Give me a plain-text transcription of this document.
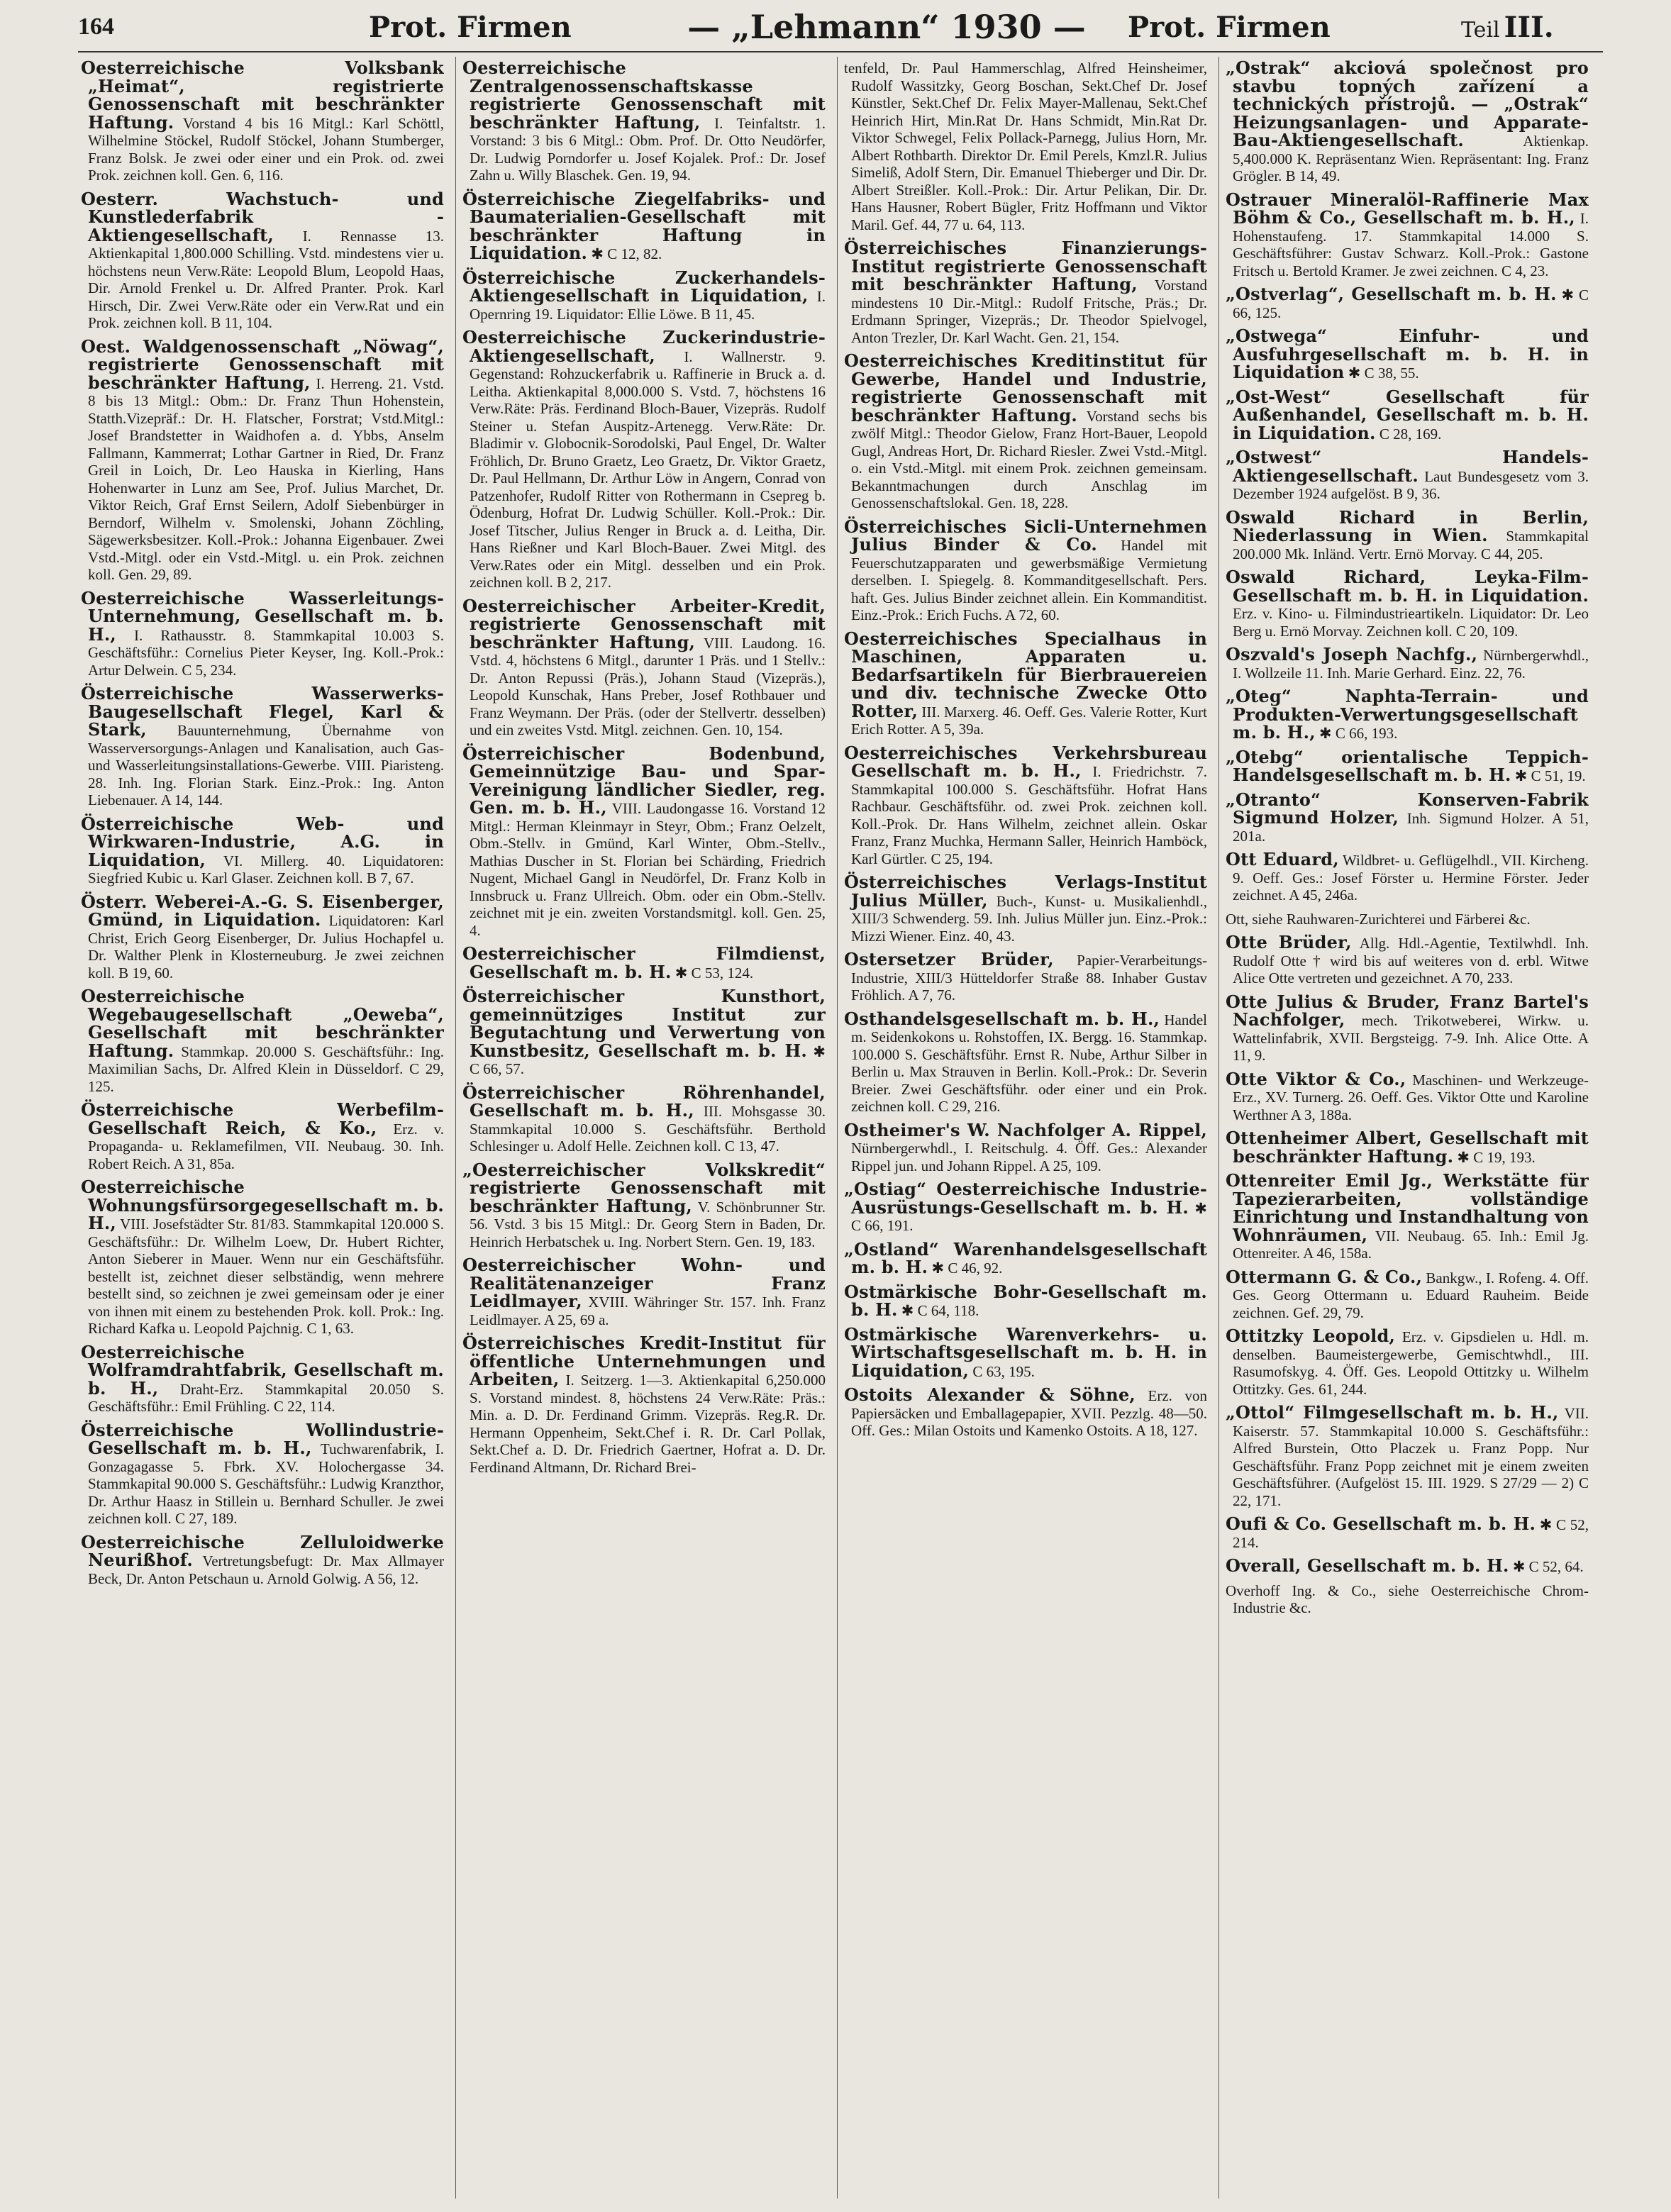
164	Prot. Firmen	— „Lehmann“ 1930 —	Prot. Firmen	Teil III.

Oesterreichische Volksbank „Heimat“, registrierte Genossenschaft mit beschränkter Haftung. Vorstand 4 bis 16 Mitgl.: Karl Schöttl, Wilhelmine Stöckel, Rudolf Stöckel, Johann Stumberger, Franz Bolsk. Je zwei oder einer und ein Prok. od. zwei Prok. zeichnen koll. Gen. 6, 116.

Oesterr. Wachstuch- und Kunstlederfabrik - Aktiengesellschaft, I. Rennasse 13. Aktienkapital 1,800.000 Schilling. Vstd. mindestens vier u. höchstens neun Verw.Räte: Leopold Blum, Leopold Haas, Dir. Arnold Frenkel u. Dr. Alfred Pranter. Prok. Karl Hirsch, Dir. Zwei Verw.Räte oder ein Verw.Rat und ein Prok. zeichnen koll. B 11, 104.

Oest. Waldgenossenschaft „Nöwag“, registrierte Genossenschaft mit beschränkter Haftung, I. Herreng. 21. Vstd. 8 bis 13 Mitgl.: Obm.: Dr. Franz Thun Hohenstein, Statth.Vizepräf.: Dr. H. Flatscher, Forstrat; Vstd.Mitgl.: Josef Brandstetter in Waidhofen a. d. Ybbs, Anselm Fallmann, Kammerrat; Lothar Gartner in Ried, Dr. Franz Greil in Loich, Dr. Leo Hauska in Kierling, Hans Hohenwarter in Lunz am See, Prof. Julius Marchet, Dr. Viktor Reich, Graf Ernst Seilern, Adolf Siebenbürger in Berndorf, Wilhelm v. Smolenski, Johann Zöchling, Sägewerksbesitzer. Koll.-Prok.: Johanna Eigenbauer. Zwei Vstd.-Mitgl. oder ein Vstd.-Mitgl. u. ein Prok. zeichnen koll. Gen. 29, 89.

Oesterreichische Wasserleitungs-Unternehmung, Gesellschaft m. b. H., I. Rathausstr. 8. Stammkapital 10.003 S. Geschäftsführ.: Cornelius Pieter Keyser, Ing. Koll.-Prok.: Artur Delwein. C 5, 234.

Österreichische Wasserwerks-Baugesellschaft Flegel, Karl & Stark, Bauunternehmung, Übernahme von Wasserversorgungs-Anlagen und Kanalisation, auch Gas- und Wasserleitungsinstallations-Gewerbe. VIII. Piaristeng. 28. Inh. Ing. Florian Stark. Einz.-Prok.: Ing. Anton Liebenauer. A 14, 144.

Österreichische Web- und Wirkwaren-Industrie, A.G. in Liquidation, VI. Millerg. 40. Liquidatoren: Siegfried Kubic u. Karl Glaser. Zeichnen koll. B 7, 67.

Österr. Weberei-A.-G. S. Eisenberger, Gmünd, in Liquidation. Liquidatoren: Karl Christ, Erich Georg Eisenberger, Dr. Julius Hochapfel u. Dr. Walther Plenk in Klosterneuburg. Je zwei zeichnen koll. B 19, 60.

Oesterreichische Wegebaugesellschaft „Oeweba“, Gesellschaft mit beschränkter Haftung. Stammkap. 20.000 S. Geschäftsführ.: Ing. Maximilian Sachs, Dr. Alfred Klein in Düsseldorf. C 29, 125.

Österreichische Werbefilm-Gesellschaft Reich, & Ko., Erz. v. Propaganda- u. Reklamefilmen, VII. Neubaug. 30. Inh. Robert Reich. A 31, 85a.

Oesterreichische Wohnungsfürsorgegesellschaft m. b. H., VIII. Josefstädter Str. 81/83. Stammkapital 120.000 S. Geschäftsführ.: Dr. Wilhelm Loew, Dr. Hubert Richter, Anton Sieberer in Mauer. Wenn nur ein Geschäftsführ. bestellt ist, zeichnet dieser selbständig, wenn mehrere bestellt sind, so zeichnen je zwei gemeinsam oder je einer von ihnen mit einem zu bestehenden Prok. koll. Prok.: Ing. Richard Kafka u. Leopold Pajchnig. C 1, 63.

Oesterreichische Wolframdrahtfabrik, Gesellschaft m. b. H., Draht-Erz. Stammkapital 20.050 S. Geschäftsführ.: Emil Frühling. C 22, 114.

Österreichische Wollindustrie-Gesellschaft m. b. H., Tuchwarenfabrik, I. Gonzagagasse 5. Fbrk. XV. Holochergasse 34. Stammkapital 90.000 S. Geschäftsführ.: Ludwig Kranzthor, Dr. Arthur Haasz in Stillein u. Bernhard Schuller. Je zwei zeichnen koll. C 27, 189.

Oesterreichische Zelluloidwerke Neurißhof. Vertretungsbefugt: Dr. Max Allmayer Beck, Dr. Anton Petschaun u. Arnold Golwig. A 56, 12.

Oesterreichische Zentralgenossenschaftskasse registrierte Genossenschaft mit beschränkter Haftung, I. Teinfaltstr. 1. Vorstand: 3 bis 6 Mitgl.: Obm. Prof. Dr. Otto Neudörfer, Dr. Ludwig Porndorfer u. Josef Kojalek. Prof.: Dr. Josef Zahn u. Willy Blaschek. Gen. 19, 94.

Österreichische Ziegelfabriks- und Baumaterialien-Gesellschaft mit beschränkter Haftung in Liquidation. ✱ C 12, 82.

Österreichische Zuckerhandels-Aktiengesellschaft in Liquidation, I. Opernring 19. Liquidator: Ellie Löwe. B 11, 45.

Oesterreichische Zuckerindustrie-Aktiengesellschaft, I. Wallnerstr. 9. Gegenstand: Rohzuckerfabrik u. Raffinerie in Bruck a. d. Leitha. Aktienkapital 8,000.000 S. Vstd. 7, höchstens 16 Verw.Räte: Präs. Ferdinand Bloch-Bauer, Vizepräs. Rudolf Steiner u. Stefan Auspitz-Artenegg. Verw.Räte: Dr. Bladimir v. Globocnik-Sorodolski, Paul Engel, Dr. Walter Fröhlich, Dr. Bruno Graetz, Leo Graetz, Dr. Viktor Graetz, Dr. Paul Hellmann, Dr. Arthur Löw in Angern, Conrad von Patzenhofer, Rudolf Ritter von Rothermann in Csepreg b. Ödenburg, Hofrat Dr. Ludwig Schüller. Koll.-Prok.: Dir. Josef Titscher, Julius Renger in Bruck a. d. Leitha, Dir. Hans Rießner und Karl Bloch-Bauer. Zwei Mitgl. des Verw.Rates oder ein Mitgl. desselben und ein Prok. zeichnen koll. B 2, 217.

Oesterreichischer Arbeiter-Kredit, registrierte Genossenschaft mit beschränkter Haftung, VIII. Laudong. 16. Vstd. 4, höchstens 6 Mitgl., darunter 1 Präs. und 1 Stellv.: Dr. Anton Repussi (Präs.), Johann Staud (Vizepräs.), Leopold Kunschak, Hans Preber, Josef Rothbauer und Franz Weymann. Der Präs. (oder der Stellvertr. desselben) und ein zweites Vstd. Mitgl. zeichnen. Gen. 10, 154.

Österreichischer Bodenbund, Gemeinnützige Bau- und Spar-Vereinigung ländlicher Siedler, reg. Gen. m. b. H., VIII. Laudongasse 16. Vorstand 12 Mitgl.: Herman Kleinmayr in Steyr, Obm.; Franz Oelzelt, Obm.-Stellv. in Gmünd, Karl Winter, Obm.-Stellv., Mathias Duscher in St. Florian bei Schärding, Friedrich Nugent, Michael Gangl in Neudörfel, Dr. Franz Kolb in Innsbruck u. Franz Ullreich. Obm. oder ein Obm.-Stellv. zeichnet mit je ein. zweiten Vorstandsmitgl. koll. Gen. 25, 4.

Oesterreichischer Filmdienst, Gesellschaft m. b. H. ✱ C 53, 124.

Österreichischer Kunsthort, gemeinnütziges Institut zur Begutachtung und Verwertung von Kunstbesitz, Gesellschaft m. b. H. ✱ C 66, 57.

Österreichischer Röhrenhandel, Gesellschaft m. b. H., III. Mohsgasse 30. Stammkapital 10.000 S. Geschäftsführ. Berthold Schlesinger u. Adolf Helle. Zeichnen koll. C 13, 47.

„Oesterreichischer Volkskredit“ registrierte Genossenschaft mit beschränkter Haftung, V. Schönbrunner Str. 56. Vstd. 3 bis 15 Mitgl.: Dr. Georg Stern in Baden, Dr. Heinrich Herbatschek u. Ing. Norbert Stern. Gen. 19, 183.

Oesterreichischer Wohn- und Realitätenanzeiger Franz Leidlmayer, XVIII. Währinger Str. 157. Inh. Franz Leidlmayer. A 25, 69 a.

Österreichisches Kredit-Institut für öffentliche Unternehmungen und Arbeiten, I. Seitzerg. 1—3. Aktienkapital 6,250.000 S. Vorstand mindest. 8, höchstens 24 Verw.Räte: Präs.: Min. a. D. Dr. Ferdinand Grimm. Vizepräs. Reg.R. Dr. Hermann Oppenheim, Sekt.Chef i. R. Dr. Carl Pollak, Sekt.Chef a. D. Dr. Friedrich Gaertner, Hofrat a. D. Dr. Ferdinand Altmann, Dr. Richard Brei-

tenfeld, Dr. Paul Hammerschlag, Alfred Heinsheimer, Rudolf Wassitzky, Georg Boschan, Sekt.Chef Dr. Josef Künstler, Sekt.Chef Dr. Felix Mayer-Mallenau, Sekt.Chef Heinrich Hirt, Min.Rat Dr. Hans Schmidt, Min.Rat Dr. Viktor Schwegel, Felix Pollack-Parnegg, Julius Horn, Mr. Albert Rothbarth. Direktor Dr. Emil Perels, Kmzl.R. Julius Simeliß, Adolf Stern, Dir. Emanuel Thieberger und Dir. Dr. Albert Streißler. Koll.-Prok.: Dir. Artur Pelikan, Dir. Dr. Hans Hausner, Robert Bügler, Fritz Hoffmann und Viktor Maril. Gef. 44, 77 u. 64, 113.

Österreichisches Finanzierungs-Institut registrierte Genossenschaft mit beschränkter Haftung, Vorstand mindestens 10 Dir.-Mitgl.: Rudolf Fritsche, Präs.; Dr. Erdmann Springer, Vizepräs.; Dr. Theodor Spielvogel, Anton Trezler, Dr. Karl Wacht. Gen. 21, 154.

Oesterreichisches Kreditinstitut für Gewerbe, Handel und Industrie, registrierte Genossenschaft mit beschränkter Haftung. Vorstand sechs bis zwölf Mitgl.: Theodor Gielow, Franz Hort-Bauer, Leopold Gugl, Andreas Hort, Dr. Richard Riesler. Zwei Vstd.-Mitgl. o. ein Vstd.-Mitgl. mit einem Prok. zeichnen gemeinsam. Bekanntmachungen durch Anschlag im Genossenschaftslokal. Gen. 18, 228.

Österreichisches Sicli-Unternehmen Julius Binder & Co. Handel mit Feuerschutzapparaten und gewerbsmäßige Vermietung derselben. I. Spiegelg. 8. Kommanditgesellschaft. Pers. haft. Ges. Julius Binder zeichnet allein. Ein Kommanditist. Einz.-Prok.: Erich Fuchs. A 72, 60.

Oesterreichisches Specialhaus in Maschinen, Apparaten u. Bedarfsartikeln für Bierbrauereien und div. technische Zwecke Otto Rotter, III. Marxerg. 46. Oeff. Ges. Valerie Rotter, Kurt Erich Rotter. A 5, 39a.

Oesterreichisches Verkehrsbureau Gesellschaft m. b. H., I. Friedrichstr. 7. Stammkapital 100.000 S. Geschäftsführ. Hofrat Hans Rachbaur. Geschäftsführ. od. zwei Prok. zeichnen koll. Koll.-Prok. Dr. Hans Wilhelm, zeichnet allein. Oskar Franz, Franz Muchka, Hermann Saller, Heinrich Hamböck, Karl Gürtler. C 25, 194.

Österreichisches Verlags-Institut Julius Müller, Buch-, Kunst- u. Musikalienhdl., XIII/3 Schwenderg. 59. Inh. Julius Müller jun. Einz.-Prok.: Mizzi Wiener. Einz. 40, 43.

Ostersetzer Brüder, Papier-Verarbeitungs-Industrie, XIII/3 Hütteldorfer Straße 88. Inhaber Gustav Fröhlich. A 7, 76.

Osthandelsgesellschaft m. b. H., Handel m. Seidenkokons u. Rohstoffen, IX. Bergg. 16. Stammkap. 100.000 S. Geschäftsführ. Ernst R. Nube, Arthur Silber in Berlin u. Max Strauven in Berlin. Koll.-Prok.: Dr. Severin Breier. Zwei Geschäftsführ. oder einer und ein Prok. zeichnen koll. C 29, 216.

Ostheimer's W. Nachfolger A. Rippel, Nürnbergerwhdl., I. Reitschulg. 4. Öff. Ges.: Alexander Rippel jun. und Johann Rippel. A 25, 109.

„Ostiag“ Oesterreichische Industrie-Ausrüstungs-Gesellschaft m. b. H. ✱ C 66, 191.

„Ostland“ Warenhandelsgesellschaft m. b. H. ✱ C 46, 92.

Ostmärkische Bohr-Gesellschaft m. b. H. ✱ C 64, 118.

Ostmärkische Warenverkehrs- u. Wirtschaftsgesellschaft m. b. H. in Liquidation, C 63, 195.

Ostoits Alexander & Söhne, Erz. von Papiersäcken und Emballagepapier, XVII. Pezzlg. 48—50. Off. Ges.: Milan Ostoits und Kamenko Ostoits. A 18, 127.

„Ostrak“ akciová společnost pro stavbu topných zařízení a technických přístrojů. — „Ostrak“ Heizungsanlagen- und Apparate-Bau-Aktiengesellschaft.	Aktienkap. 5,400.000 K. Repräsentanz Wien. Repräsentant: Ing. Franz Grögler. B 14, 49.

Ostrauer Mineralöl-Raffinerie Max Böhm & Co., Gesellschaft m. b. H., I. Hohenstaufeng. 17. Stammkapital 14.000 S. Geschäftsführer: Gustav Schwarz. Koll.-Prok.: Gastone Fritsch u. Bertold Kramer. Je zwei zeichnen. C 4, 23.

„Ostverlag“, Gesellschaft m. b. H. ✱ C 66, 125.

„Ostwega“ Einfuhr- und Ausfuhrgesellschaft m. b. H. in Liquidation ✱ C 38, 55.

„Ost-West“ Gesellschaft für Außenhandel, Gesellschaft m. b. H. in Liquidation. C 28, 169.

„Ostwest“ Handels-Aktiengesellschaft. Laut Bundesgesetz vom 3. Dezember 1924 aufgelöst. B 9, 36.

Oswald Richard in Berlin, Niederlassung in Wien. Stammkapital 200.000 Mk. Inländ. Vertr. Ernö Morvay. C 44, 205.

Oswald Richard, Leyka-Film-Gesellschaft m. b. H. in Liquidation. Erz. v. Kino- u. Filmindustrieartikeln. Liquidator: Dr. Leo Berg u. Ernö Morvay. Zeichnen koll. C 20, 109.

Oszvald's Joseph Nachfg., Nürnbergerwhdl., I. Wollzeile 11. Inh. Marie Gerhard. Einz. 22, 76.

„Oteg“ Naphta-Terrain- und Produkten-Verwertungsgesellschaft m. b. H., ✱ C 66, 193.

„Otebg“ orientalische Teppich-Handelsgesellschaft m. b. H. ✱ C 51, 19.

„Otranto“ Konserven-Fabrik Sigmund Holzer, Inh. Sigmund Holzer. A 51, 201a.

Ott Eduard, Wildbret- u. Geflügelhdl., VII. Kircheng. 9. Oeff. Ges.: Josef Förster u. Hermine Förster. Jeder zeichnet. A 45, 246a.

Ott, siehe Rauhwaren-Zurichterei und Färberei &c.

Otte Brüder, Allg. Hdl.-Agentie, Textilwhdl. Inh. Rudolf Otte † wird bis auf weiteres von d. erbl. Witwe Alice Otte vertreten und gezeichnet. A 70, 233.

Otte Julius & Bruder, Franz Bartel's Nachfolger, mech. Trikotweberei, Wirkw. u. Wattelinfabrik, XVII. Bergsteigg. 7-9. Inh. Alice Otte. A 11, 9.

Otte Viktor & Co., Maschinen- und Werkzeuge-Erz., XV. Turnerg. 26. Oeff. Ges. Viktor Otte und Karoline Werthner A 3, 188a.

Ottenheimer Albert, Gesellschaft mit beschränkter Haftung. ✱ C 19, 193.

Ottenreiter Emil Jg., Werkstätte für Tapezierarbeiten, vollständige Einrichtung und Instandhaltung von Wohnräumen, VII. Neubaug. 65. Inh.: Emil Jg. Ottenreiter. A 46, 158a.

Ottermann G. & Co., Bankgw., I. Rofeng. 4. Off. Ges. Georg Ottermann u. Eduard Rauheim. Beide zeichnen. Gef. 29, 79.

Ottitzky Leopold, Erz. v. Gipsdielen u. Hdl. m. denselben. Baumeistergewerbe, Gemischtwhdl., III. Rasumofskyg. 4. Öff. Ges. Leopold Ottitzky u. Wilhelm Ottitzky. Ges. 61, 244.

„Ottol“ Filmgesellschaft m. b. H., VII. Kaiserstr. 57. Stammkapital 10.000 S. Geschäftsführ.: Alfred Burstein, Otto Placzek u. Franz Popp. Nur Geschäftsführ. Franz Popp zeichnet mit je einem zweiten Geschäftsführer. (Aufgelöst 15. III. 1929. S 27/29 — 2) C 22, 171.

Oufi & Co. Gesellschaft m. b. H. ✱ C 52, 214.

Overall, Gesellschaft m. b. H. ✱ C 52, 64.

Overhoff Ing. & Co., siehe Oesterreichische Chrom-Industrie &c.
